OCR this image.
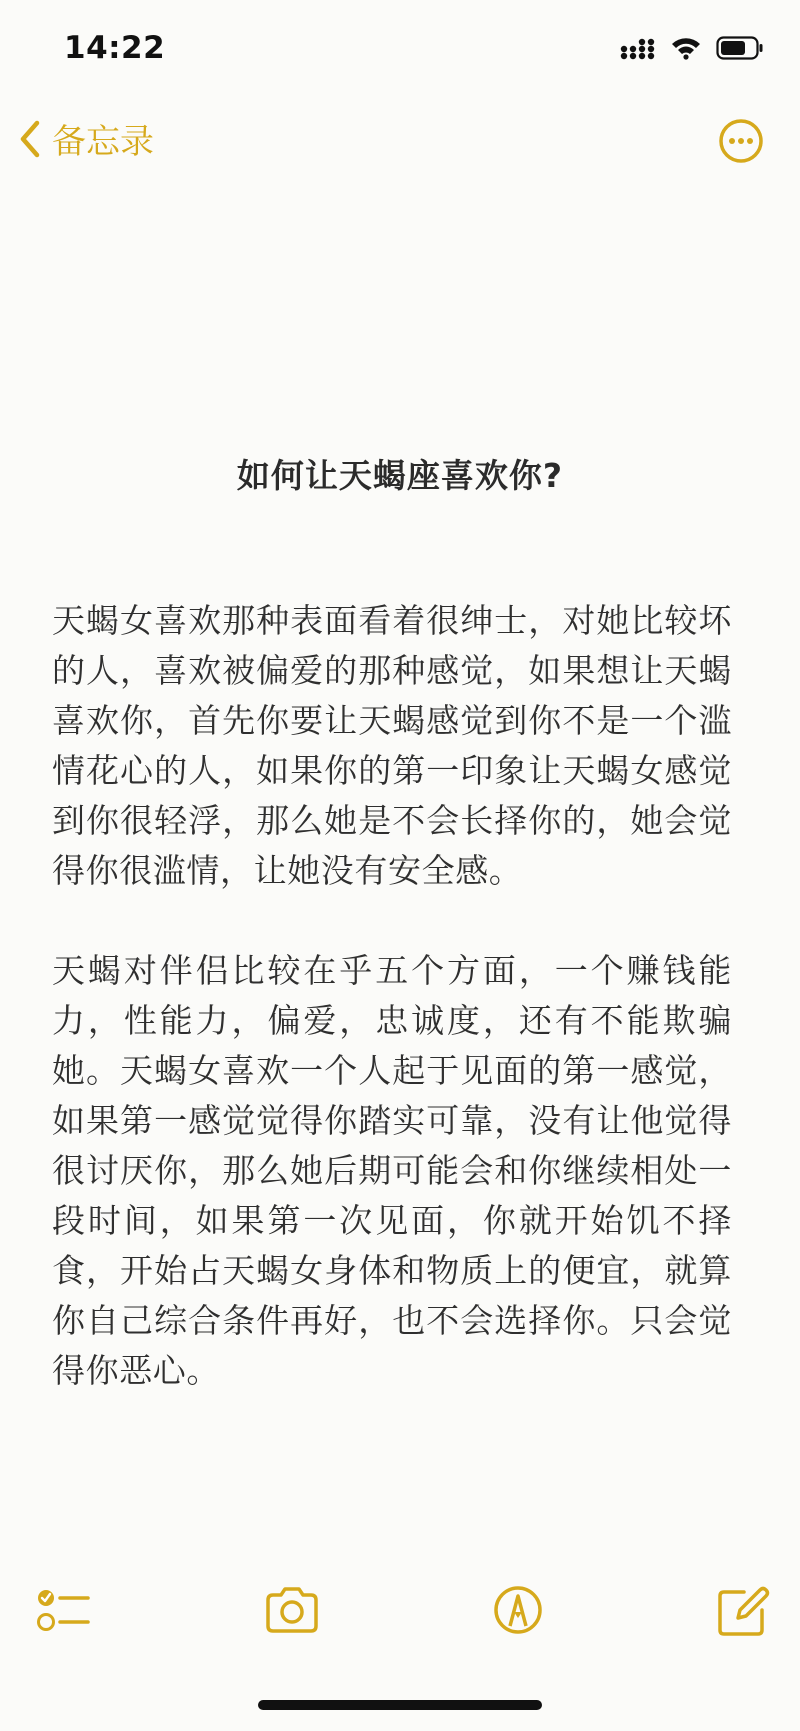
14:22
备忘录
如何让天蝎座喜欢你?
天蝎女喜欢那种表面看着很绅士，对她比较坏的人，喜欢被偏爱的那种感觉，如果想让天蝎喜欢你，首先你要让天蝎感觉到你不是一个滥情花心的人，如果你的第一印象让天蝎女感觉到你很轻浮，那么她是不会长择你的，她会觉得你很滥情，让她没有安全感。
天蝎对伴侣比较在乎五个方面，一个赚钱能力，性能力，偏爱，忠诚度，还有不能欺骗她。天蝎女喜欢一个人起于见面的第一感觉，如果第一感觉觉得你踏实可靠，没有让他觉得很讨厌你，那么她后期可能会和你继续相处一段时间，如果第一次见面，你就开始饥不择食，开始占天蝎女身体和物质上的便宜，就算你自己综合条件再好，也不会选择你。只会觉得你恶心。
